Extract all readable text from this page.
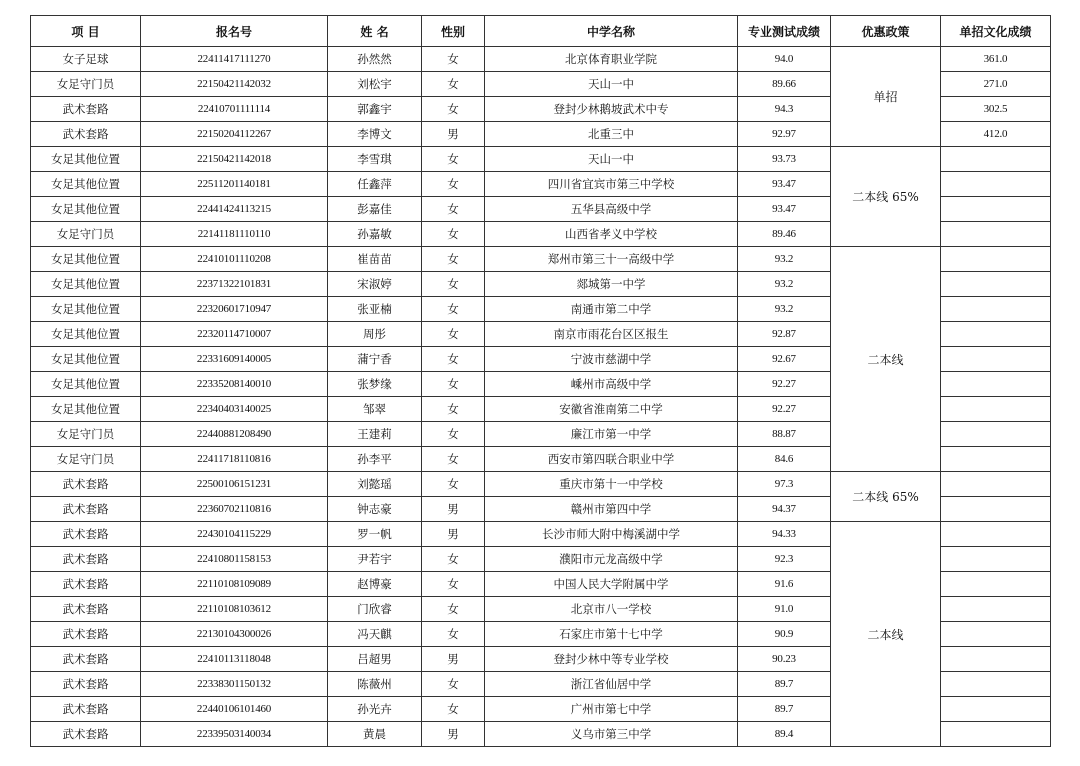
项 目	报名号	姓 名	性别	中学名称	专业测试成绩	优惠政策	单招文化成绩
女子足球	22411417111270	孙然然	女	北京体育职业学院	94.0	单招	361.0
女足守门员	22150421142032	刘松宇	女	天山一中	89.66		271.0
武术套路	22410701111114	郭鑫宇	女	登封少林鹅坡武术中专	94.3		302.5
武术套路	22150204112267	李博文	男	北重三中	92.97		412.0
女足其他位置	22150421142018	李雪琪	女	天山一中	93.73	二本线 65%	
女足其他位置	22511201140181	任鑫萍	女	四川省宜宾市第三中学校	93.47		
女足其他位置	22441424113215	彭嘉佳	女	五华县高级中学	93.47		
女足守门员	22141181110110	孙嘉敏	女	山西省孝义中学校	89.46		
女足其他位置	22410101110208	崔苗苗	女	郑州市第三十一高级中学	93.2	二本线	
女足其他位置	22371322101831	宋淑婷	女	郯城第一中学	93.2		
女足其他位置	22320601710947	张亚楠	女	南通市第二中学	93.2		
女足其他位置	22320114710007	周彤	女	南京市雨花台区区报生	92.87		
女足其他位置	22331609140005	蒲宁香	女	宁波市慈湖中学	92.67		
女足其他位置	22335208140010	张梦缘	女	嵊州市高级中学	92.27		
女足其他位置	22340403140025	邹翠	女	安徽省淮南第二中学	92.27		
女足守门员	22440881208490	王建莉	女	廉江市第一中学	88.87		
女足守门员	22411718110816	孙李平	女	西安市第四联合职业中学	84.6		
武术套路	22500106151231	刘懿瑶	女	重庆市第十一中学校	97.3	二本线 65%	
武术套路	22360702110816	钟志豪	男	赣州市第四中学	94.37		
武术套路	22430104115229	罗一帆	男	长沙市师大附中梅溪湖中学	94.33	二本线	
武术套路	22410801158153	尹若宇	女	濮阳市元龙高级中学	92.3		
武术套路	22110108109089	赵博豪	女	中国人民大学附属中学	91.6		
武术套路	22110108103612	门欣睿	女	北京市八一学校	91.0		
武术套路	22130104300026	冯天麒	女	石家庄市第十七中学	90.9		
武术套路	22410113118048	吕超男	男	登封少林中等专业学校	90.23		
武术套路	22338301150132	陈薇州	女	浙江省仙居中学	89.7		
武术套路	22440106101460	孙光卉	女	广州市第七中学	89.7		
武术套路	22339503140034	黄晨	男	义乌市第三中学	89.4		
